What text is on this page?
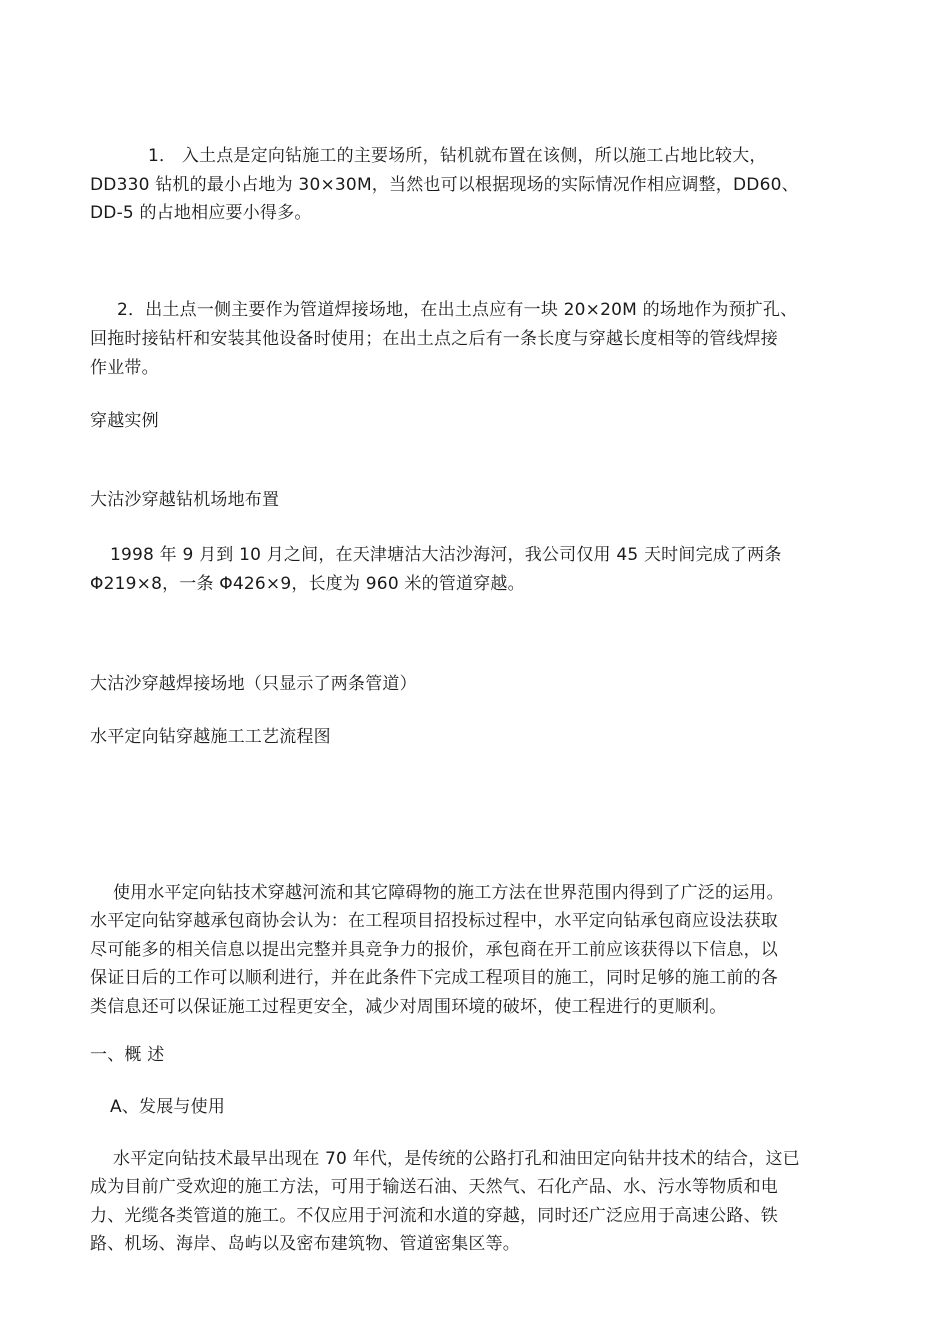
1． 入土点是定向钻施工的主要场所，钻机就布置在该侧，所以施工占地比较大，
DD330 钻机的最小占地为 30×30M，当然也可以根据现场的实际情况作相应调整，DD60、
DD-5 的占地相应要小得多。
2．出土点一侧主要作为管道焊接场地，在出土点应有一块 20×20M 的场地作为预扩孔、
回拖时接钻杆和安装其他设备时使用；在出土点之后有一条长度与穿越长度相等的管线焊接
作业带。
穿越实例
大沽沙穿越钻机场地布置
1998 年 9 月到 10 月之间，在天津塘沽大沽沙海河，我公司仅用 45 天时间完成了两条
Φ219×8，一条 Φ426×9，长度为 960 米的管道穿越。
大沽沙穿越焊接场地（只显示了两条管道）
水平定向钻穿越施工工艺流程图
使用水平定向钻技术穿越河流和其它障碍物的施工方法在世界范围内得到了广泛的运用。
水平定向钻穿越承包商协会认为：在工程项目招投标过程中，水平定向钻承包商应设法获取
尽可能多的相关信息以提出完整并具竞争力的报价，承包商在开工前应该获得以下信息，以
保证日后的工作可以顺利进行，并在此条件下完成工程项目的施工，同时足够的施工前的各
类信息还可以保证施工过程更安全，减少对周围环境的破坏，使工程进行的更顺利。
一、概 述
A、发展与使用
水平定向钻技术最早出现在 70 年代，是传统的公路打孔和油田定向钻井技术的结合，这已
成为目前广受欢迎的施工方法，可用于输送石油、天然气、石化产品、水、污水等物质和电
力、光缆各类管道的施工。不仅应用于河流和水道的穿越，同时还广泛应用于高速公路、铁
路、机场、海岸、岛屿以及密布建筑物、管道密集区等。
